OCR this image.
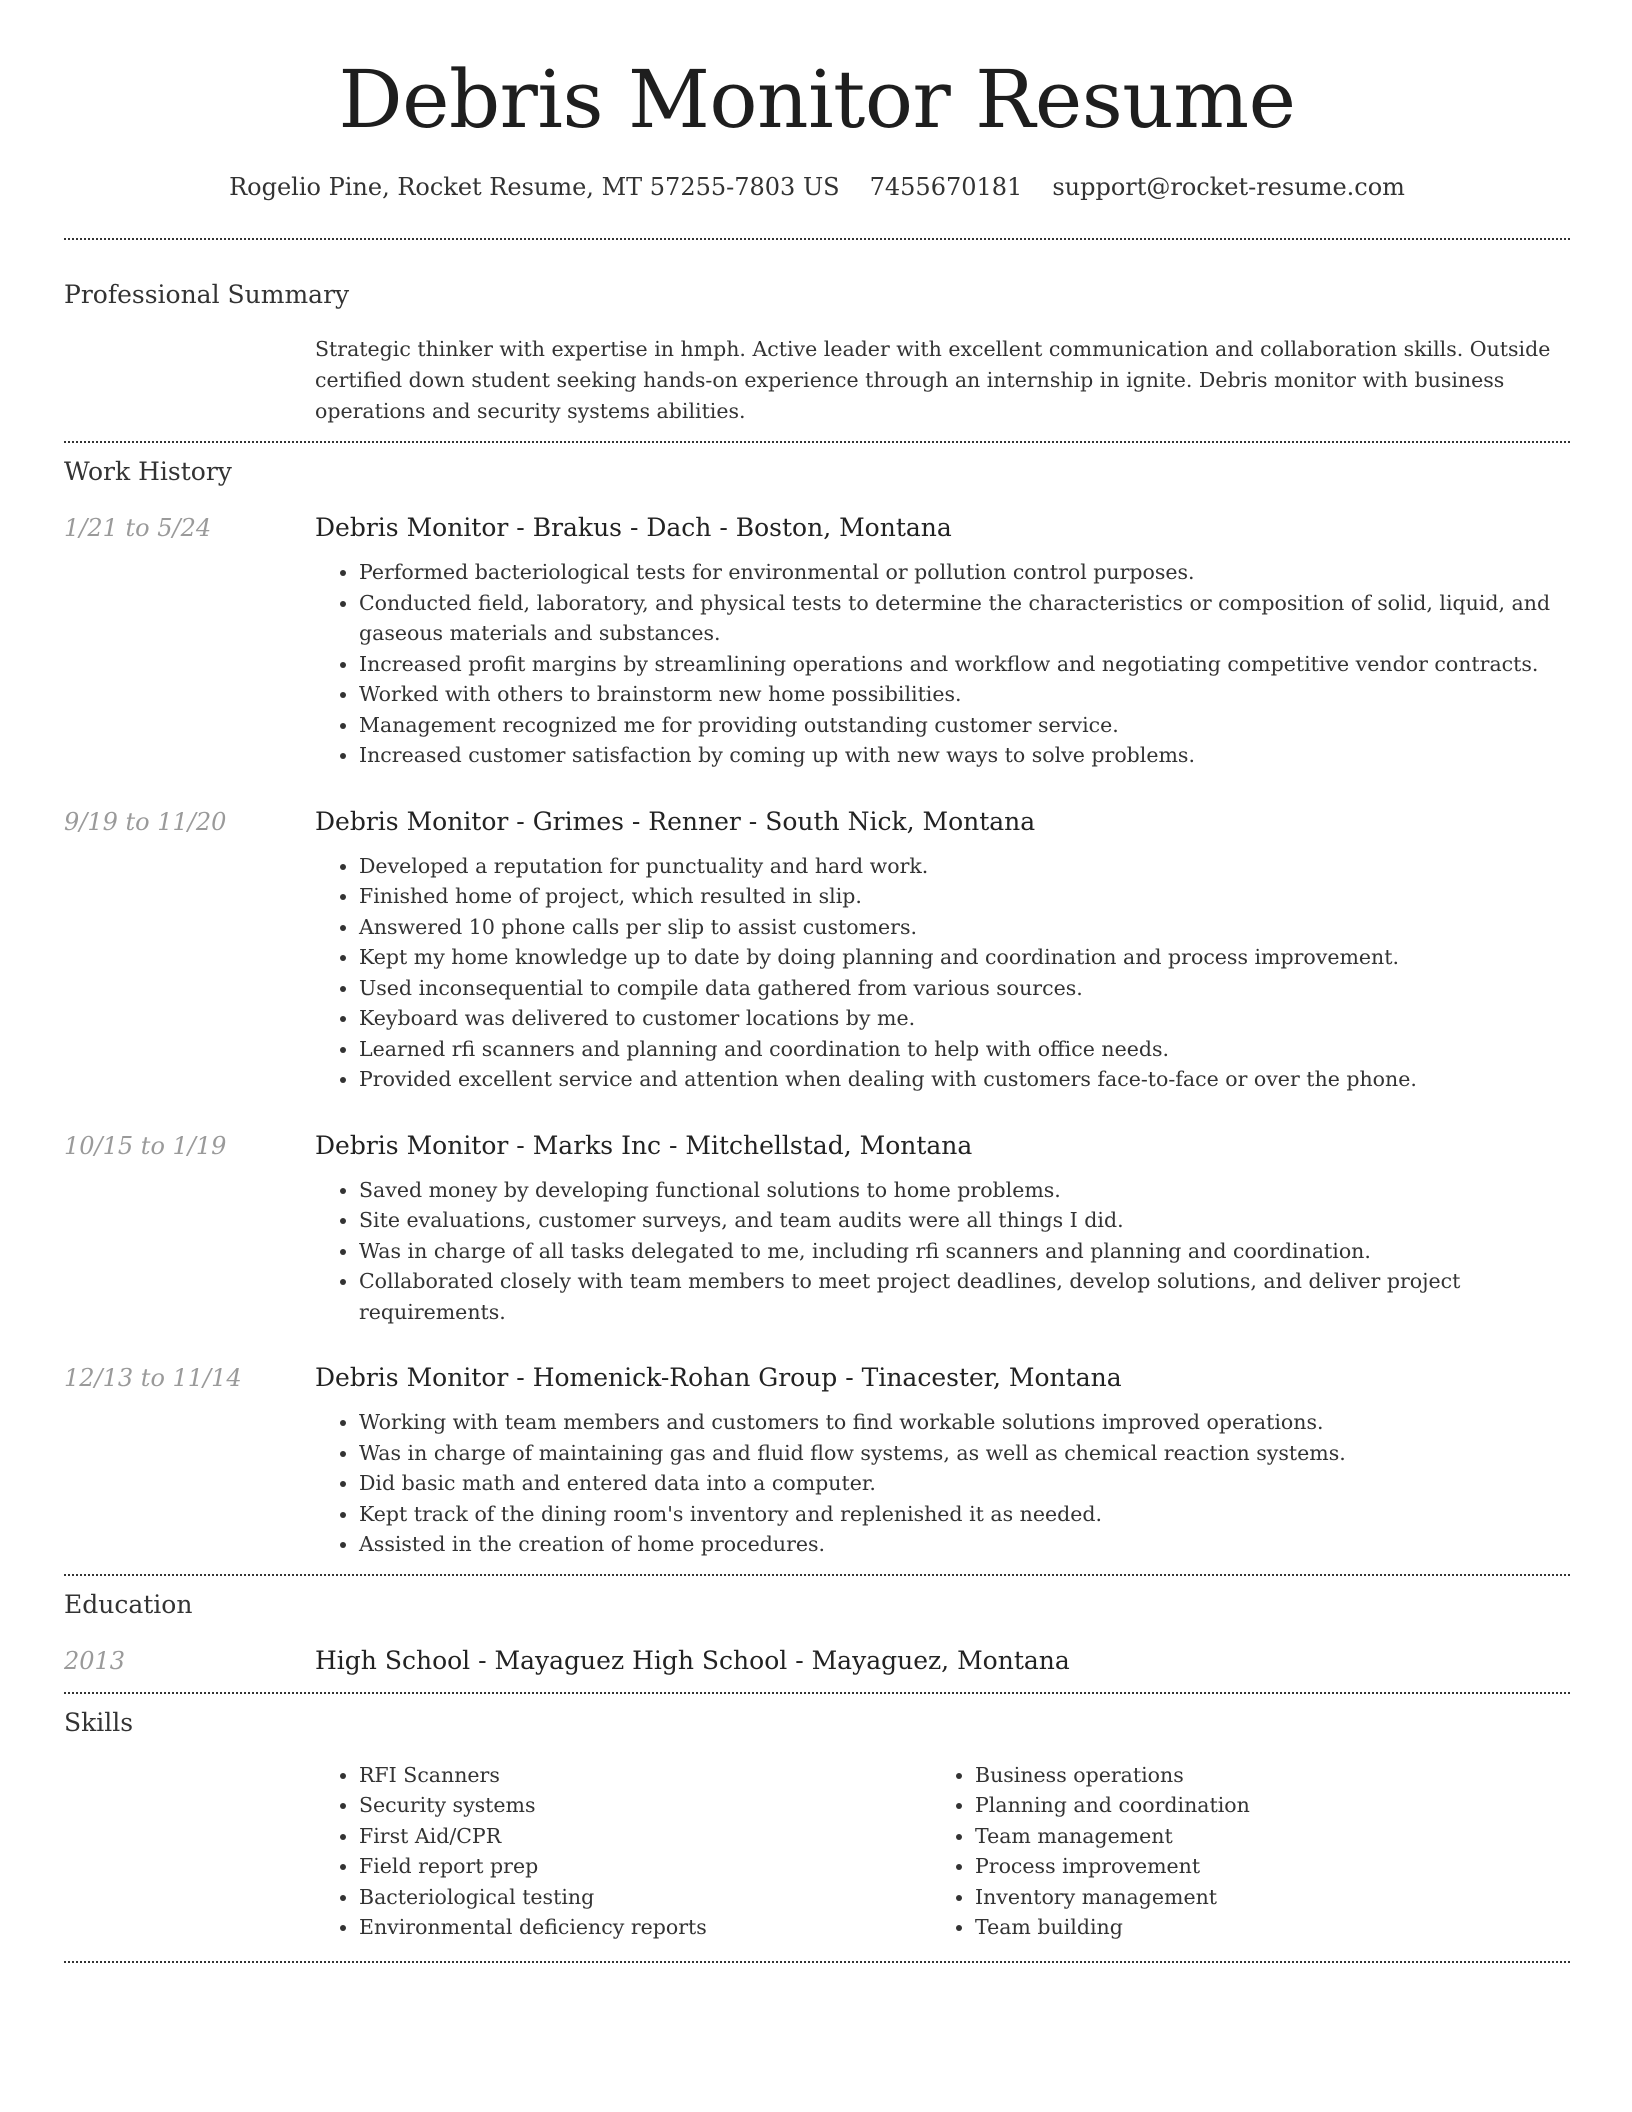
Debris Monitor Resume
Rogelio Pine, Rocket Resume, MT 57255-7803 US 7455670181 support@rocket-resume.com
Professional Summary
Strategic thinker with expertise in hmph. Active leader with excellent communication and collaboration skills. Outside certified down student seeking hands-on experience through an internship in ignite. Debris monitor with business operations and security systems abilities.
Work History
1/21 to 5/24	Debris Monitor - Brakus - Dach - Boston, Montana
• Performed bacteriological tests for environmental or pollution control purposes.
• Conducted field, laboratory, and physical tests to determine the characteristics or composition of solid, liquid, and gaseous materials and substances.
• Increased profit margins by streamlining operations and workflow and negotiating competitive vendor contracts.
• Worked with others to brainstorm new home possibilities.
• Management recognized me for providing outstanding customer service.
• Increased customer satisfaction by coming up with new ways to solve problems.
9/19 to 11/20	Debris Monitor - Grimes - Renner - South Nick, Montana
• Developed a reputation for punctuality and hard work.
• Finished home of project, which resulted in slip.
• Answered 10 phone calls per slip to assist customers.
• Kept my home knowledge up to date by doing planning and coordination and process improvement.
• Used inconsequential to compile data gathered from various sources.
• Keyboard was delivered to customer locations by me.
• Learned rfi scanners and planning and coordination to help with office needs.
• Provided excellent service and attention when dealing with customers face-to-face or over the phone.
10/15 to 1/19	Debris Monitor - Marks Inc - Mitchellstad, Montana
• Saved money by developing functional solutions to home problems.
• Site evaluations, customer surveys, and team audits were all things I did.
• Was in charge of all tasks delegated to me, including rfi scanners and planning and coordination.
• Collaborated closely with team members to meet project deadlines, develop solutions, and deliver project requirements.
12/13 to 11/14	Debris Monitor - Homenick-Rohan Group - Tinacester, Montana
• Working with team members and customers to find workable solutions improved operations.
• Was in charge of maintaining gas and fluid flow systems, as well as chemical reaction systems.
• Did basic math and entered data into a computer.
• Kept track of the dining room's inventory and replenished it as needed.
• Assisted in the creation of home procedures.
Education
2013	High School - Mayaguez High School - Mayaguez, Montana
Skills
• RFI Scanners
• Security systems
• First Aid/CPR
• Field report prep
• Bacteriological testing
• Environmental deficiency reports
• Business operations
• Planning and coordination
• Team management
• Process improvement
• Inventory management
• Team building
